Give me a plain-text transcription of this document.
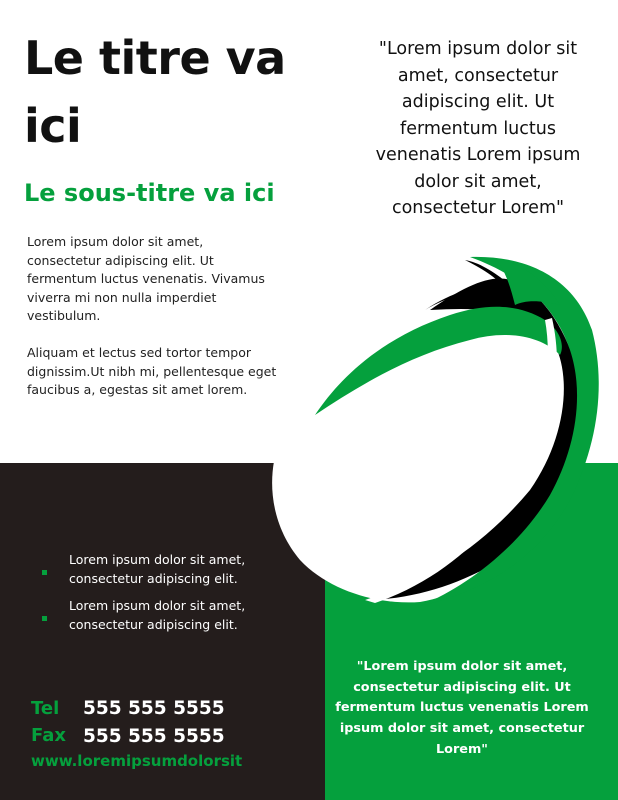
Le titre va ici
Le sous-titre va ici
"Lorem ipsum dolor sit amet, consectetur adipiscing elit. Ut fermentum luctus venenatis Lorem ipsum dolor sit amet, consectetur Lorem"

Lorem ipsum dolor sit amet, consectetur adipiscing elit. Ut fermentum luctus venenatis. Vivamus viverra mi non nulla imperdiet vestibulum.

Aliquam et lectus sed tortor tempor dignissim.Ut nibh mi, pellentesque eget faucibus a, egestas sit amet lorem.

Lorem ipsum dolor sit amet, consectetur adipiscing elit.
Lorem ipsum dolor sit amet, consectetur adipiscing elit.
Tel 555 555 5555
Fax 555 555 5555
www.loremipsumdolorsit
"Lorem ipsum dolor sit amet, consectetur adipiscing elit. Ut fermentum luctus venenatis Lorem ipsum dolor sit amet, consectetur Lorem"
